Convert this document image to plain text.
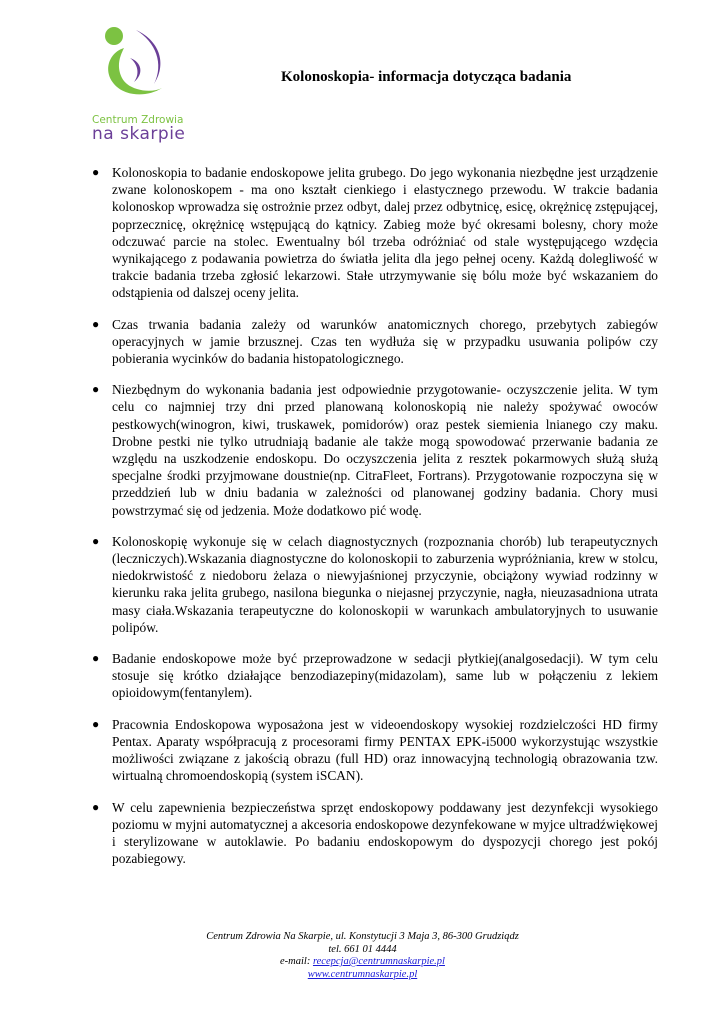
Centrum Zdrowia
na skarpie
Kolonoskopia- informacja dotycząca badania
● Kolonoskopia to badanie endoskopowe jelita grubego. Do jego wykonania niezbędne jest urządzenie zwane kolonoskopem - ma ono kształt cienkiego i elastycznego przewodu. W trakcie badania kolonoskop wprowadza się ostrożnie przez odbyt, dalej przez odbytnicę, esicę, okrężnicę zstępującej, poprzecznicę, okrężnicę wstępującą do kątnicy. Zabieg może być okresami bolesny, chory może odczuwać parcie na stolec. Ewentualny ból trzeba odróżniać od stale występującego wzdęcia wynikającego z podawania powietrza do światła jelita dla jego pełnej oceny. Każdą dolegliwość w trakcie badania trzeba zgłosić lekarzowi. Stałe utrzymywanie się bólu może być wskazaniem do odstąpienia od dalszej oceny jelita.
● Czas trwania badania zależy od warunków anatomicznych chorego, przebytych zabiegów operacyjnych w jamie brzusznej. Czas ten wydłuża się w przypadku usuwania polipów czy pobierania wycinków do badania histopatologicznego.
● Niezbędnym do wykonania badania jest odpowiednie przygotowanie- oczyszczenie jelita. W tym celu co najmniej trzy dni przed planowaną kolonoskopią nie należy spożywać owoców pestkowych(winogron, kiwi, truskawek, pomidorów) oraz pestek siemienia lnianego czy maku. Drobne pestki nie tylko utrudniają badanie ale także mogą spowodować przerwanie badania ze względu na uszkodzenie endoskopu. Do oczyszczenia jelita z resztek pokarmowych służą służą specjalne środki przyjmowane doustnie(np. CitraFleet, Fortrans). Przygotowanie rozpoczyna się w przeddzień lub w dniu badania w zależności od planowanej godziny badania. Chory musi powstrzymać się od jedzenia. Może dodatkowo pić wodę.
● Kolonoskopię wykonuje się w celach diagnostycznych (rozpoznania chorób) lub terapeutycznych (leczniczych).Wskazania diagnostyczne do kolonoskopii to zaburzenia wypróżniania, krew w stolcu, niedokrwistość z niedoboru żelaza o niewyjaśnionej przyczynie, obciążony wywiad rodzinny w kierunku raka jelita grubego, nasilona biegunka o niejasnej przyczynie, nagła, nieuzasadniona utrata masy ciała.Wskazania terapeutyczne do kolonoskopii w warunkach ambulatoryjnych to usuwanie polipów.
● Badanie endoskopowe może być przeprowadzone w sedacji płytkiej(analgosedacji). W tym celu stosuje się krótko działające benzodiazepiny(midazolam), same lub w połączeniu z lekiem opioidowym(fentanylem).
● Pracownia Endoskopowa wyposażona jest w videoendoskopy wysokiej rozdzielczości HD firmy Pentax. Aparaty współpracują z procesorami firmy PENTAX EPK-i5000 wykorzystując wszystkie możliwości związane z jakością obrazu (full HD) oraz innowacyjną technologią obrazowania tzw. wirtualną chromoendoskopią (system iSCAN).
● W celu zapewnienia bezpieczeństwa sprzęt endoskopowy poddawany jest dezynfekcji wysokiego poziomu w myjni automatycznej a akcesoria endoskopowe dezynfekowane w myjce ultradźwiękowej i sterylizowane w autoklawie. Po badaniu endoskopowym do dyspozycji chorego jest pokój pozabiegowy.
Centrum Zdrowia Na Skarpie, ul. Konstytucji 3 Maja 3, 86-300 Grudziądz
tel. 661 01 4444
e-mail: recepcja@centrumnaskarpie.pl
www.centrumnaskarpie.pl
